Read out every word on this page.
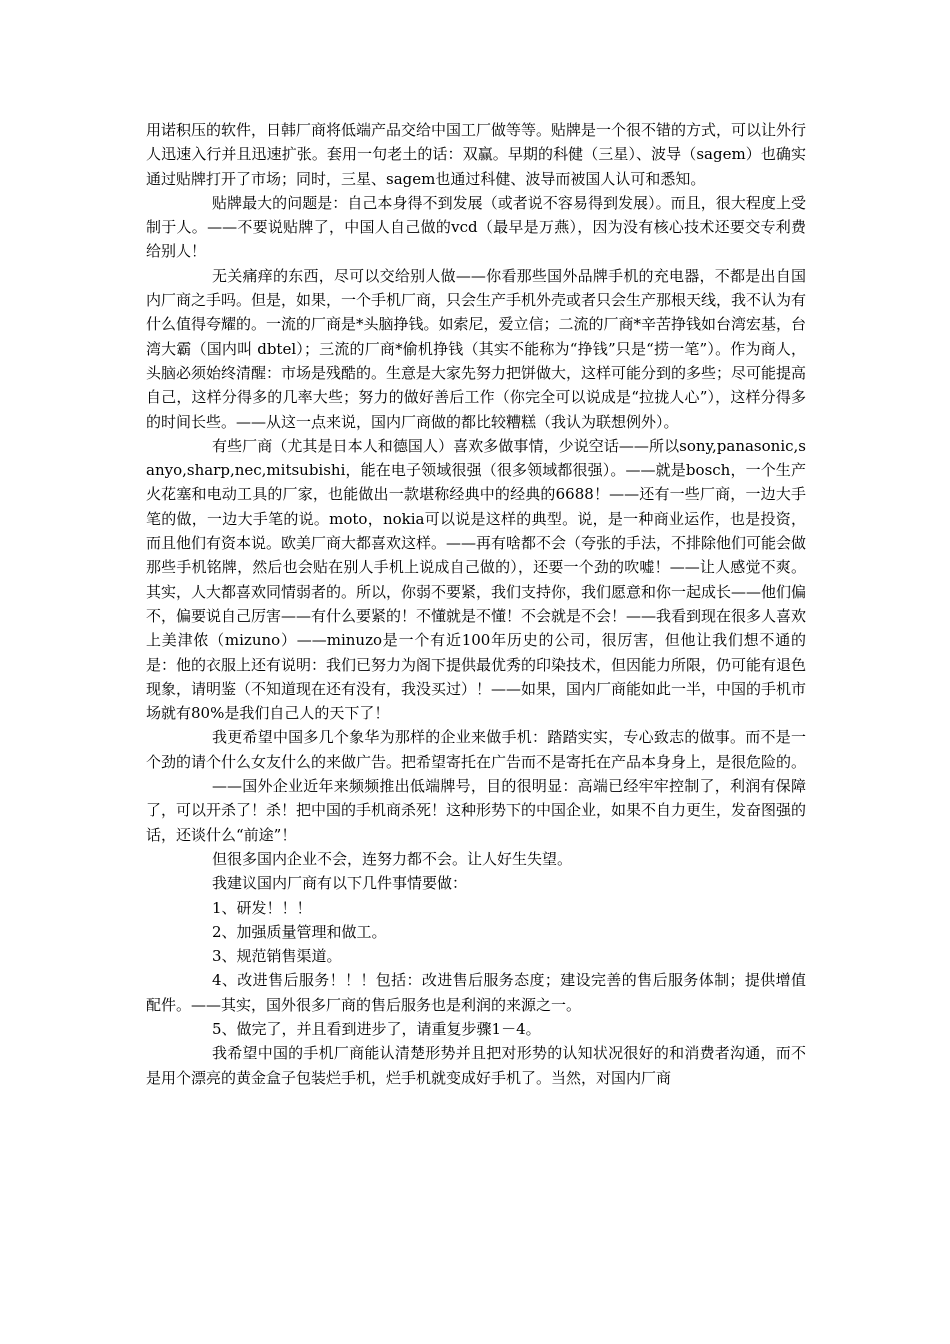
用诺积压的软件，日韩厂商将低端产品交给中国工厂做等等。贴牌是一个很不错的方式，可以让外行人迅速入行并且迅速扩张。套用一句老土的话：双赢。早期的科健（三星）、波导（sagem）也确实通过贴牌打开了市场；同时，三星、sagem也通过科健、波导而被国人认可和悉知。

贴牌最大的问题是：自己本身得不到发展（或者说不容易得到发展）。而且，很大程度上受制于人。——不要说贴牌了，中国人自己做的vcd（最早是万燕），因为没有核心技术还要交专利费给别人！

无关痛痒的东西，尽可以交给别人做——你看那些国外品牌手机的充电器，不都是出自国内厂商之手吗。但是，如果，一个手机厂商，只会生产手机外壳或者只会生产那根天线，我不认为有什么值得夸耀的。一流的厂商是*头脑挣钱。如索尼，爱立信；二流的厂商*辛苦挣钱如台湾宏基，台湾大霸（国内叫 dbtel）；三流的厂商*偷机挣钱（其实不能称为“挣钱”只是“捞一笔”）。作为商人，头脑必须始终清醒：市场是残酷的。生意是大家先努力把饼做大，这样可能分到的多些；尽可能提高自己，这样分得多的几率大些；努力的做好善后工作（你完全可以说成是“拉拢人心”），这样分得多的时间长些。——从这一点来说，国内厂商做的都比较糟糕（我认为联想例外）。

有些厂商（尤其是日本人和德国人）喜欢多做事情，少说空话——所以sony,panasonic,sanyo,sharp,nec,mitsubishi，能在电子领域很强（很多领域都很强）。——就是bosch，一个生产火花塞和电动工具的厂家，也能做出一款堪称经典中的经典的6688！——还有一些厂商，一边大手笔的做，一边大手笔的说。moto，nokia可以说是这样的典型。说，是一种商业运作，也是投资，而且他们有资本说。欧美厂商大都喜欢这样。——再有啥都不会（夸张的手法，不排除他们可能会做那些手机铭牌，然后也会贴在别人手机上说成自己做的），还要一个劲的吹嘘！——让人感觉不爽。其实，人大都喜欢同情弱者的。所以，你弱不要紧，我们支持你，我们愿意和你一起成长——他们偏不，偏要说自己厉害——有什么要紧的！不懂就是不懂！不会就是不会！——我看到现在很多人喜欢上美津侬（mizuno）——minuzo是一个有近100年历史的公司，很厉害，但他让我们想不通的是：他的衣服上还有说明：我们已努力为阁下提供最优秀的印染技术，但因能力所限，仍可能有退色现象，请明鉴（不知道现在还有没有，我没买过）！——如果，国内厂商能如此一半，中国的手机市场就有80%是我们自己人的天下了！

我更希望中国多几个象华为那样的企业来做手机：踏踏实实，专心致志的做事。而不是一个劲的请个什么女友什么的来做广告。把希望寄托在广告而不是寄托在产品本身身上，是很危险的。

——国外企业近年来频频推出低端牌号，目的很明显：高端已经牢牢控制了，利润有保障了，可以开杀了！杀！把中国的手机商杀死！这种形势下的中国企业，如果不自力更生，发奋图强的话，还谈什么“前途”！

但很多国内企业不会，连努力都不会。让人好生失望。

我建议国内厂商有以下几件事情要做：

1、研发！！！

2、加强质量管理和做工。

3、规范销售渠道。

4、改进售后服务！！！包括：改进售后服务态度；建设完善的售后服务体制；提供增值配件。——其实，国外很多厂商的售后服务也是利润的来源之一。

5、做完了，并且看到进步了，请重复步骤1－4。

我希望中国的手机厂商能认清楚形势并且把对形势的认知状况很好的和消费者沟通，而不是用个漂亮的黄金盒子包装烂手机，烂手机就变成好手机了。当然，对国内厂商
